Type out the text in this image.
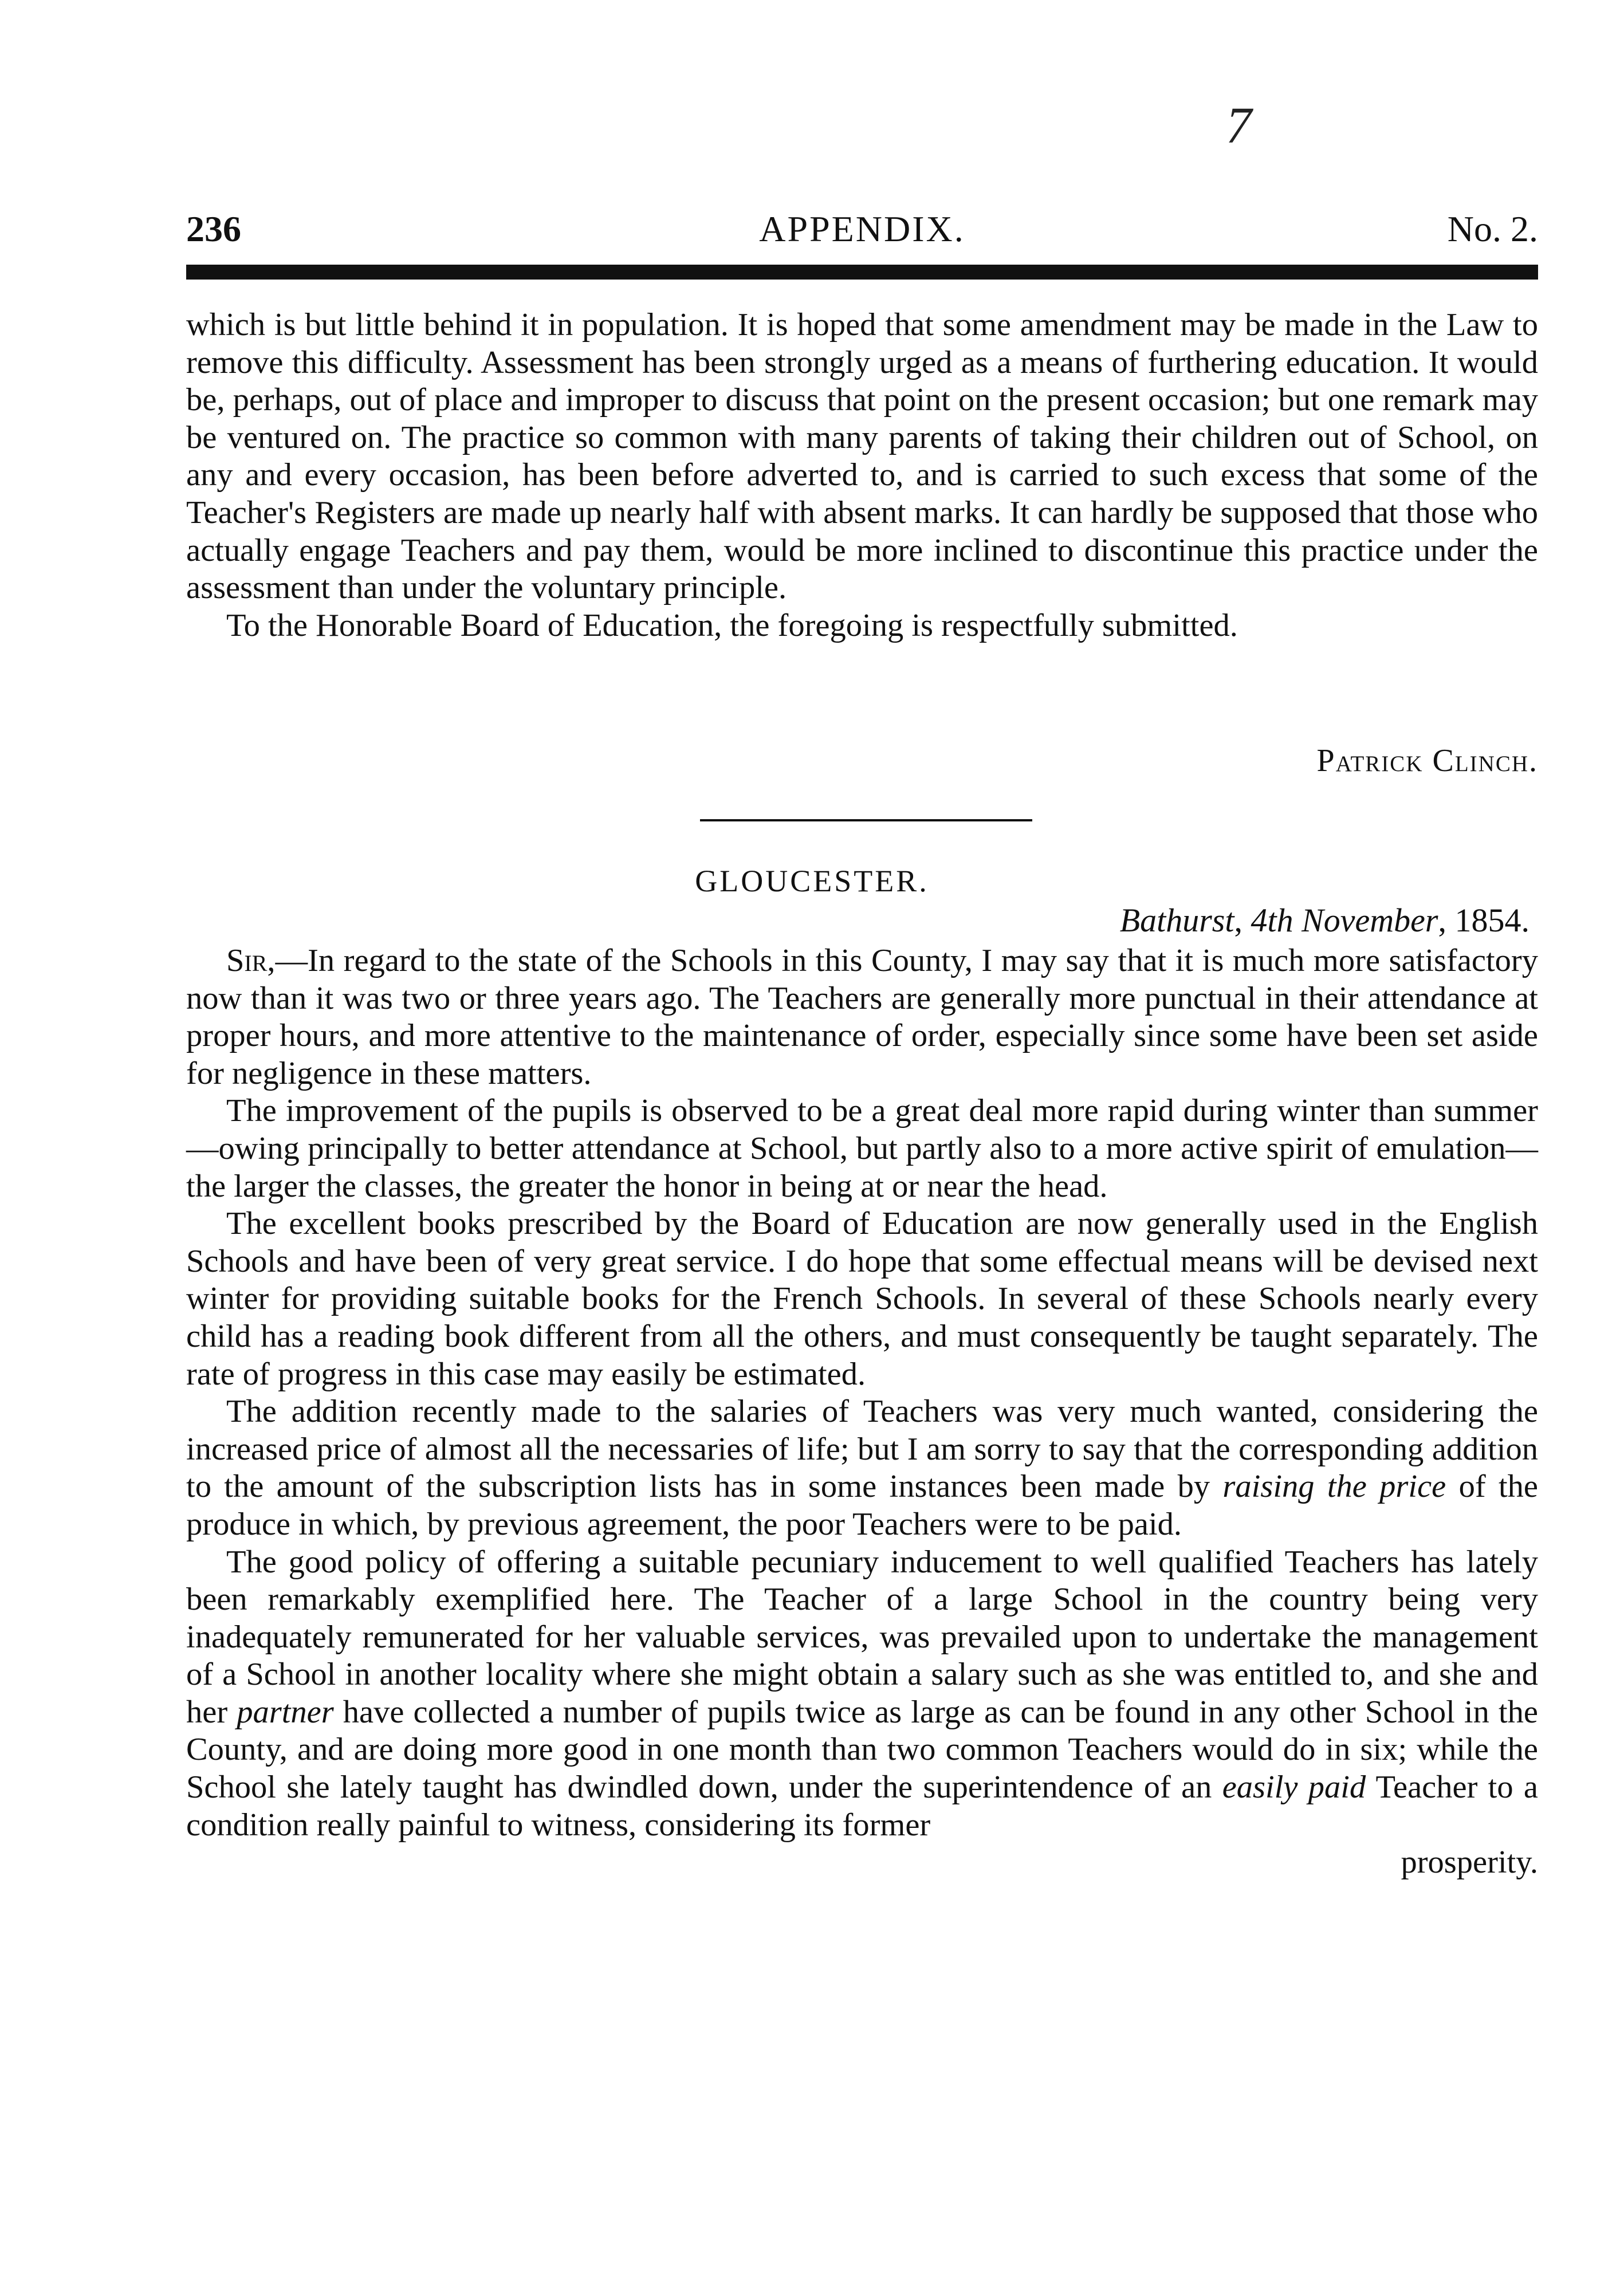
7
236	APPENDIX.	No. 2.

which is but little behind it in population. It is hoped that some amendment may be made in the Law to remove this difficulty. Assessment has been strongly urged as a means of furthering education. It would be, perhaps, out of place and improper to discuss that point on the present occasion; but one remark may be ventured on. The practice so common with many parents of taking their children out of School, on any and every occasion, has been before adverted to, and is carried to such excess that some of the Teacher's Registers are made up nearly half with absent marks. It can hardly be supposed that those who actually engage Teachers and pay them, would be more inclined to discontinue this practice under the assessment than under the voluntary principle.

To the Honorable Board of Education, the foregoing is respectfully submitted.

Patrick Clinch.
GLOUCESTER.
Bathurst, 4th November, 1854.

Sir,—In regard to the state of the Schools in this County, I may say that it is much more satisfactory now than it was two or three years ago. The Teachers are generally more punctual in their attendance at proper hours, and more attentive to the maintenance of order, especially since some have been set aside for negligence in these matters.

The improvement of the pupils is observed to be a great deal more rapid during winter than summer—owing principally to better attendance at School, but partly also to a more active spirit of emulation—the larger the classes, the greater the honor in being at or near the head.

The excellent books prescribed by the Board of Education are now generally used in the English Schools and have been of very great service. I do hope that some effectual means will be devised next winter for providing suitable books for the French Schools. In several of these Schools nearly every child has a reading book different from all the others, and must consequently be taught separately. The rate of progress in this case may easily be estimated.

The addition recently made to the salaries of Teachers was very much wanted, considering the increased price of almost all the necessaries of life; but I am sorry to say that the corresponding addition to the amount of the subscription lists has in some instances been made by raising the price of the produce in which, by previous agreement, the poor Teachers were to be paid.

The good policy of offering a suitable pecuniary inducement to well qualified Teachers has lately been remarkably exemplified here. The Teacher of a large School in the country being very inadequately remunerated for her valuable services, was prevailed upon to undertake the management of a School in another locality where she might obtain a salary such as she was entitled to, and she and her partner have collected a number of pupils twice as large as can be found in any other School in the County, and are doing more good in one month than two common Teachers would do in six; while the School she lately taught has dwindled down, under the superintendence of an easily paid Teacher to a condition really painful to witness, considering its former
prosperity.
